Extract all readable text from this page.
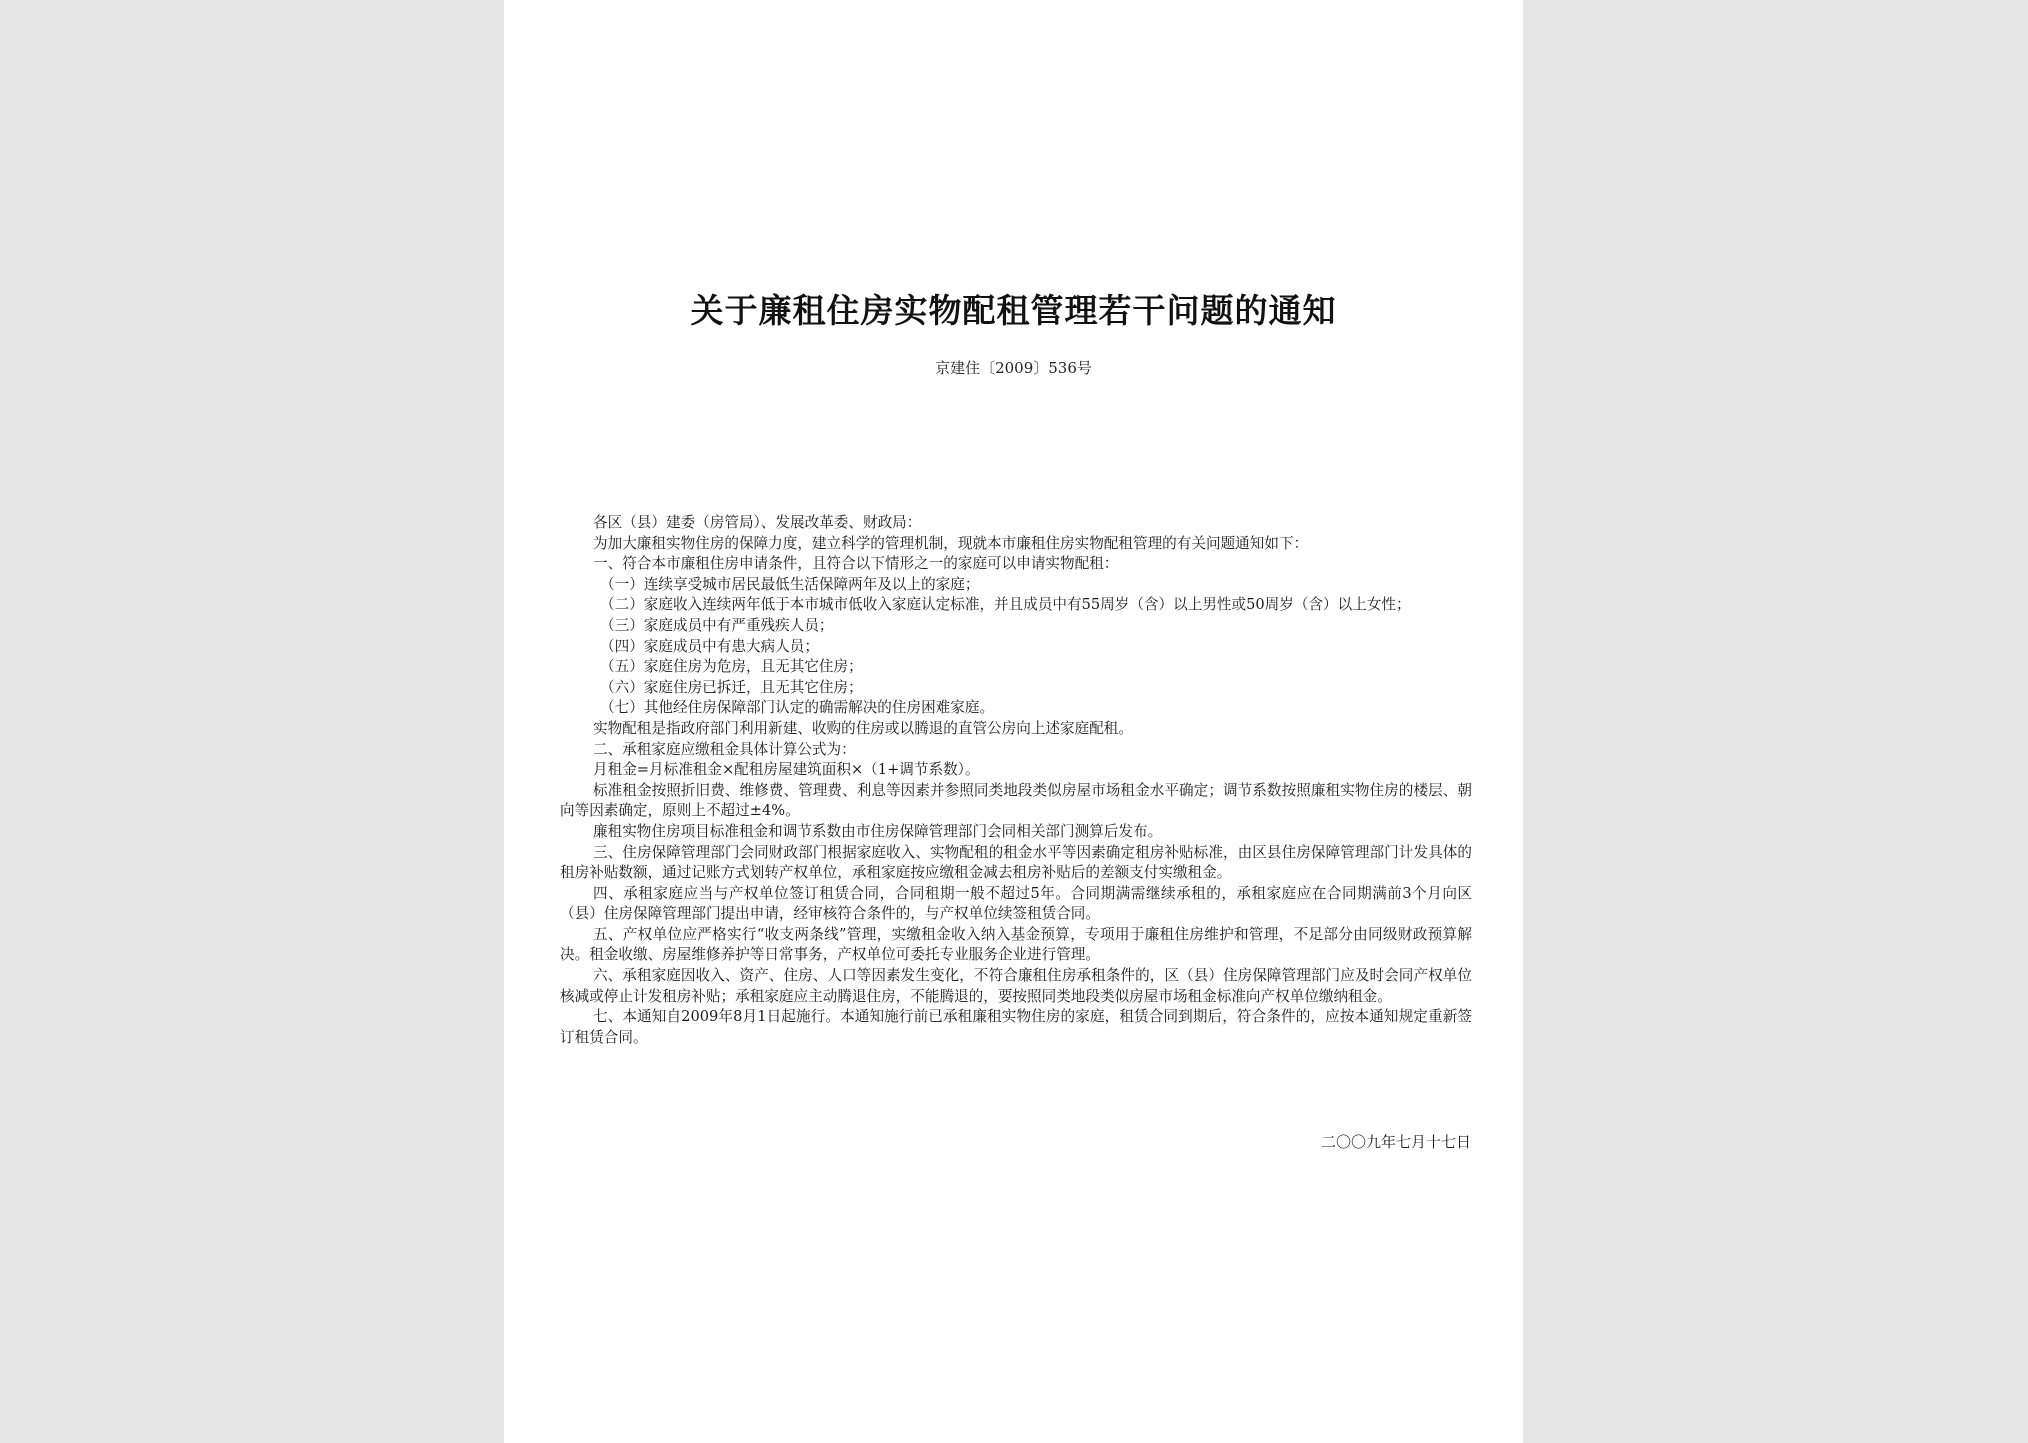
关于廉租住房实物配租管理若干问题的通知
京建住〔2009〕536号

各区（县）建委（房管局）、发展改革委、财政局：

为加大廉租实物住房的保障力度，建立科学的管理机制，现就本市廉租住房实物配租管理的有关问题通知如下：

一、符合本市廉租住房申请条件，且符合以下情形之一的家庭可以申请实物配租：

（一）连续享受城市居民最低生活保障两年及以上的家庭；

（二）家庭收入连续两年低于本市城市低收入家庭认定标准，并且成员中有55周岁（含）以上男性或50周岁（含）以上女性；

（三）家庭成员中有严重残疾人员；

（四）家庭成员中有患大病人员；

（五）家庭住房为危房，且无其它住房；

（六）家庭住房已拆迁，且无其它住房；

（七）其他经住房保障部门认定的确需解决的住房困难家庭。

实物配租是指政府部门利用新建、收购的住房或以腾退的直管公房向上述家庭配租。

二、承租家庭应缴租金具体计算公式为：

月租金=月标准租金×配租房屋建筑面积×（1+调节系数）。

标准租金按照折旧费、维修费、管理费、利息等因素并参照同类地段类似房屋市场租金水平确定；调节系数按照廉租实物住房的楼层、朝向等因素确定，原则上不超过±4%。

廉租实物住房项目标准租金和调节系数由市住房保障管理部门会同相关部门测算后发布。

三、住房保障管理部门会同财政部门根据家庭收入、实物配租的租金水平等因素确定租房补贴标准，由区县住房保障管理部门计发具体的租房补贴数额，通过记账方式划转产权单位，承租家庭按应缴租金减去租房补贴后的差额支付实缴租金。

四、承租家庭应当与产权单位签订租赁合同，合同租期一般不超过5年。合同期满需继续承租的，承租家庭应在合同期满前3个月向区（县）住房保障管理部门提出申请，经审核符合条件的，与产权单位续签租赁合同。

五、产权单位应严格实行“收支两条线”管理，实缴租金收入纳入基金预算，专项用于廉租住房维护和管理，不足部分由同级财政预算解决。租金收缴、房屋维修养护等日常事务，产权单位可委托专业服务企业进行管理。

六、承租家庭因收入、资产、住房、人口等因素发生变化，不符合廉租住房承租条件的，区（县）住房保障管理部门应及时会同产权单位核减或停止计发租房补贴；承租家庭应主动腾退住房，不能腾退的，要按照同类地段类似房屋市场租金标准向产权单位缴纳租金。

七、本通知自2009年8月1日起施行。本通知施行前已承租廉租实物住房的家庭，租赁合同到期后，符合条件的，应按本通知规定重新签订租赁合同。

二〇〇九年七月十七日
